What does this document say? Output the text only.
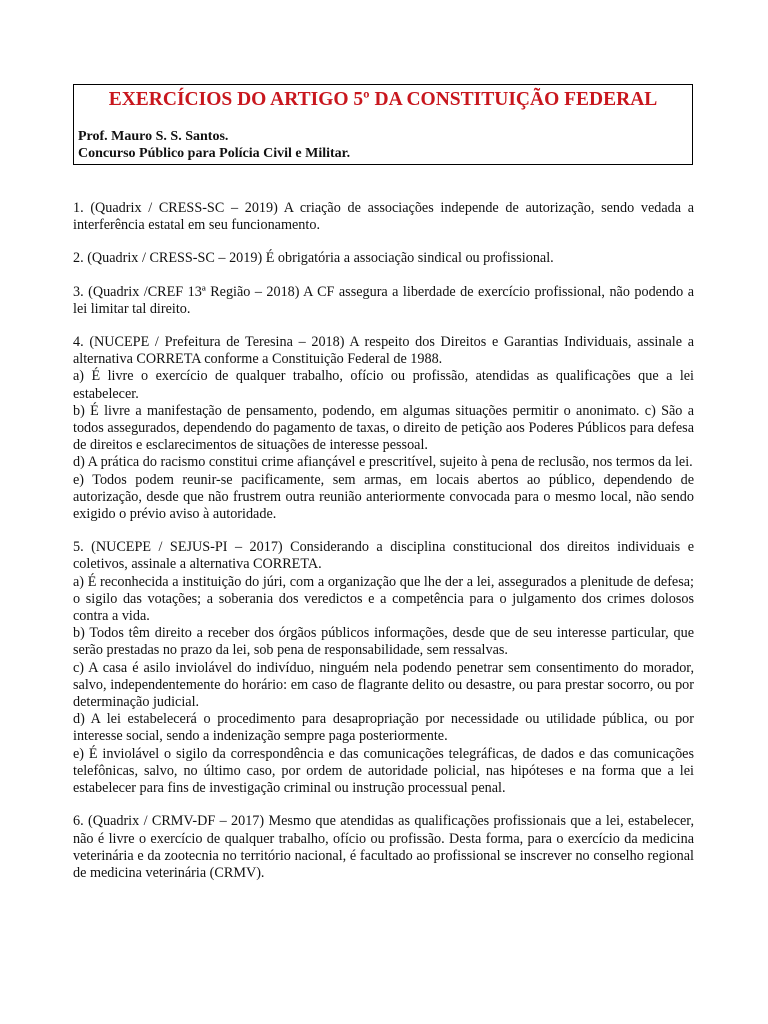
EXERCÍCIOS DO ARTIGO 5º DA CONSTITUIÇÃO FEDERAL
Prof. Mauro S. S. Santos.
Concurso Público para Polícia Civil e Militar.

1. (Quadrix / CRESS-SC – 2019) A criação de associações independe de autorização, sendo vedada a interferência estatal em seu funcionamento.

2. (Quadrix / CRESS-SC – 2019) É obrigatória a associação sindical ou profissional.

3. (Quadrix /CREF 13ª Região – 2018) A CF assegura a liberdade de exercício profissional, não podendo a lei limitar tal direito.

4. (NUCEPE / Prefeitura de Teresina – 2018) A respeito dos Direitos e Garantias Individuais, assinale a alternativa CORRETA conforme a Constituição Federal de 1988.

a) É livre o exercício de qualquer trabalho, ofício ou profissão, atendidas as qualificações que a lei estabelecer.

b) É livre a manifestação de pensamento, podendo, em algumas situações permitir o anonimato. c) São a todos assegurados, dependendo do pagamento de taxas, o direito de petição aos Poderes Públicos para defesa de direitos e esclarecimentos de situações de interesse pessoal.

d) A prática do racismo constitui crime afiançável e prescritível, sujeito à pena de reclusão, nos termos da lei.

e) Todos podem reunir-se pacificamente, sem armas, em locais abertos ao público, dependendo de autorização, desde que não frustrem outra reunião anteriormente convocada para o mesmo local, não sendo exigido o prévio aviso à autoridade.

5. (NUCEPE / SEJUS-PI – 2017) Considerando a disciplina constitucional dos direitos individuais e coletivos, assinale a alternativa CORRETA.

a) É reconhecida a instituição do júri, com a organização que lhe der a lei, assegurados a plenitude de defesa; o sigilo das votações; a soberania dos veredictos e a competência para o julgamento dos crimes dolosos contra a vida.

b) Todos têm direito a receber dos órgãos públicos informações, desde que de seu interesse particular, que serão prestadas no prazo da lei, sob pena de responsabilidade, sem ressalvas.

c) A casa é asilo inviolável do indivíduo, ninguém nela podendo penetrar sem consentimento do morador, salvo, independentemente do horário: em caso de flagrante delito ou desastre, ou para prestar socorro, ou por determinação judicial.

d) A lei estabelecerá o procedimento para desapropriação por necessidade ou utilidade pública, ou por interesse social, sendo a indenização sempre paga posteriormente.

e) É inviolável o sigilo da correspondência e das comunicações telegráficas, de dados e das comunicações telefônicas, salvo, no último caso, por ordem de autoridade policial, nas hipóteses e na forma que a lei estabelecer para fins de investigação criminal ou instrução processual penal.

6. (Quadrix / CRMV-DF – 2017) Mesmo que atendidas as qualificações profissionais que a lei, estabelecer, não é livre o exercício de qualquer trabalho, ofício ou profissão. Desta forma, para o exercício da medicina veterinária e da zootecnia no território nacional, é facultado ao profissional se inscrever no conselho regional de medicina veterinária (CRMV).
